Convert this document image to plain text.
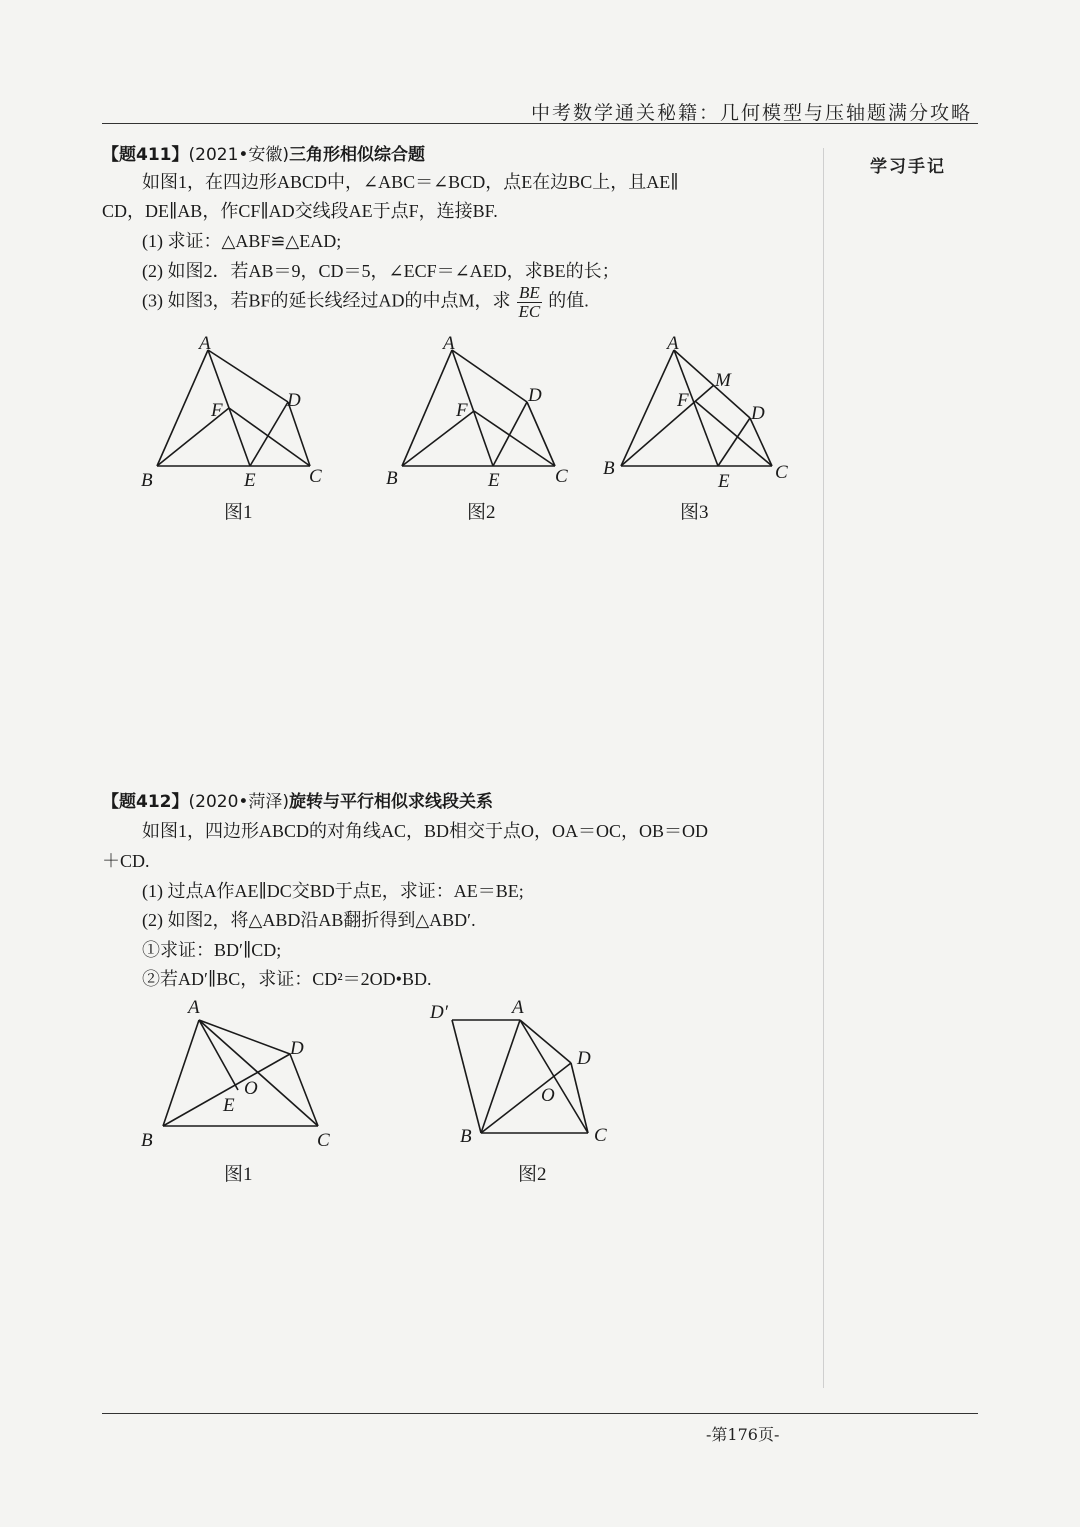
中考数学通关秘籍：几何模型与压轴题满分攻略
学习手记
【题411】(2021•安徽)三角形相似综合题
如图1，在四边形ABCD中，∠ABC＝∠BCD，点E在边BC上，且AE∥
CD，DE∥AB，作CF∥AD交线段AE于点F，连接BF.
(1) 求证：△ABF≌△EAD;
(2) 如图2．若AB＝9，CD＝5，∠ECF＝∠AED，求BE的长；
(3) 如图3，若BF的延长线经过AD的中点M，求 $\frac{BE}{EC}$ 的值.
A
B	C
D
E
F
图1
A
B	C
D
E
F
图2
A
B	C
D
E
F
M
图3
【题412】(2020•菏泽)旋转与平行相似求线段关系
如图1，四边形ABCD的对角线AC，BD相交于点O，OA＝OC，OB＝OD
＋CD.
(1) 过点A作AE∥DC交BD于点E，求证：AE＝BE;
(2) 如图2，将△ABD沿AB翻折得到△ABD′.
①求证：BD′∥CD;
②若AD′∥BC，求证：CD²＝2OD•BD.
A
B	C
D
E
O
图1
D′	A
B	C
D
O
图2
-第176页-
